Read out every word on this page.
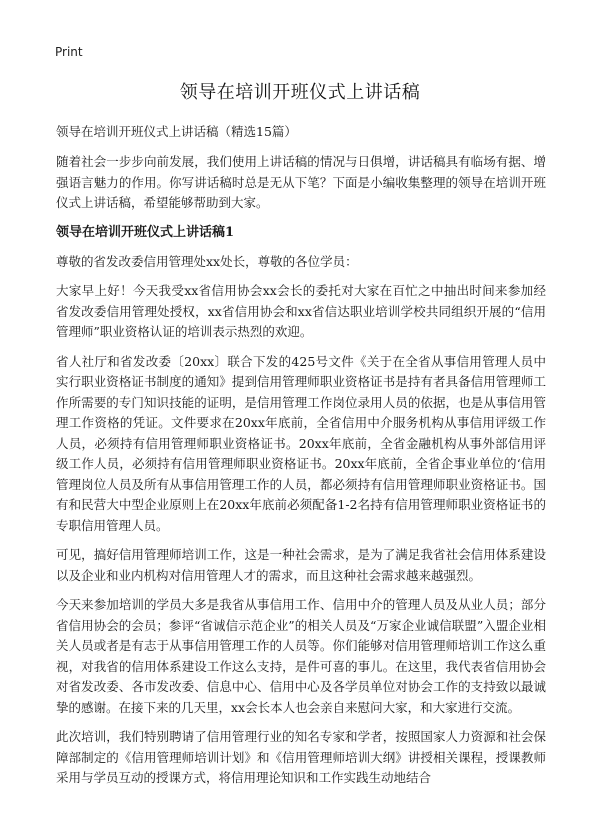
Print
领导在培训开班仪式上讲话稿

领导在培训开班仪式上讲话稿（精选15篇）

随着社会一步步向前发展，我们使用上讲话稿的情况与日俱增，讲话稿具有临场有据、增强语言魅力的作用。你写讲话稿时总是无从下笔？下面是小编收集整理的领导在培训开班仪式上讲话稿，希望能够帮助到大家。

领导在培训开班仪式上讲话稿1

尊敬的省发改委信用管理处xx处长，尊敬的各位学员：

大家早上好！今天我受xx省信用协会xx会长的委托对大家在百忙之中抽出时间来参加经省发改委信用管理处授权，xx省信用协会和xx省信达职业培训学校共同组织开展的“信用管理师”职业资格认证的培训表示热烈的欢迎。

省人社厅和省发改委〔20xx〕联合下发的425号文件《关于在全省从事信用管理人员中实行职业资格证书制度的通知》提到信用管理师职业资格证书是持有者具备信用管理师工作所需要的专门知识技能的证明，是信用管理工作岗位录用人员的依据，也是从事信用管理工作资格的凭证。文件要求在20xx年底前，全省信用中介服务机构从事信用评级工作人员，必须持有信用管理师职业资格证书。20xx年底前，全省金融机构从事外部信用评级工作人员，必须持有信用管理师职业资格证书。20xx年底前，全省企事业单位的‘信用管理岗位人员及所有从事信用管理工作的人员，都必须持有信用管理师职业资格证书。国有和民营大中型企业原则上在20xx年底前必须配备1-2名持有信用管理师职业资格证书的专职信用管理人员。

可见，搞好信用管理师培训工作，这是一种社会需求，是为了满足我省社会信用体系建设以及企业和业内机构对信用管理人才的需求，而且这种社会需求越来越强烈。

今天来参加培训的学员大多是我省从事信用工作、信用中介的管理人员及从业人员；部分省信用协会的会员；参评“省诚信示范企业”的相关人员及“万家企业诚信联盟”入盟企业相关人员或者是有志于从事信用管理工作的人员等。你们能够对信用管理师培训工作这么重视，对我省的信用体系建设工作这么支持，是件可喜的事儿。在这里，我代表省信用协会对省发改委、各市发改委、信息中心、信用中心及各学员单位对协会工作的支持致以最诚挚的感谢。在接下来的几天里，xx会长本人也会亲自来慰问大家，和大家进行交流。

此次培训，我们特别聘请了信用管理行业的知名专家和学者，按照国家人力资源和社会保障部制定的《信用管理师培训计划》和《信用管理师培训大纲》讲授相关课程，授课教师采用与学员互动的授课方式，将信用理论知识和工作实践生动地结合
